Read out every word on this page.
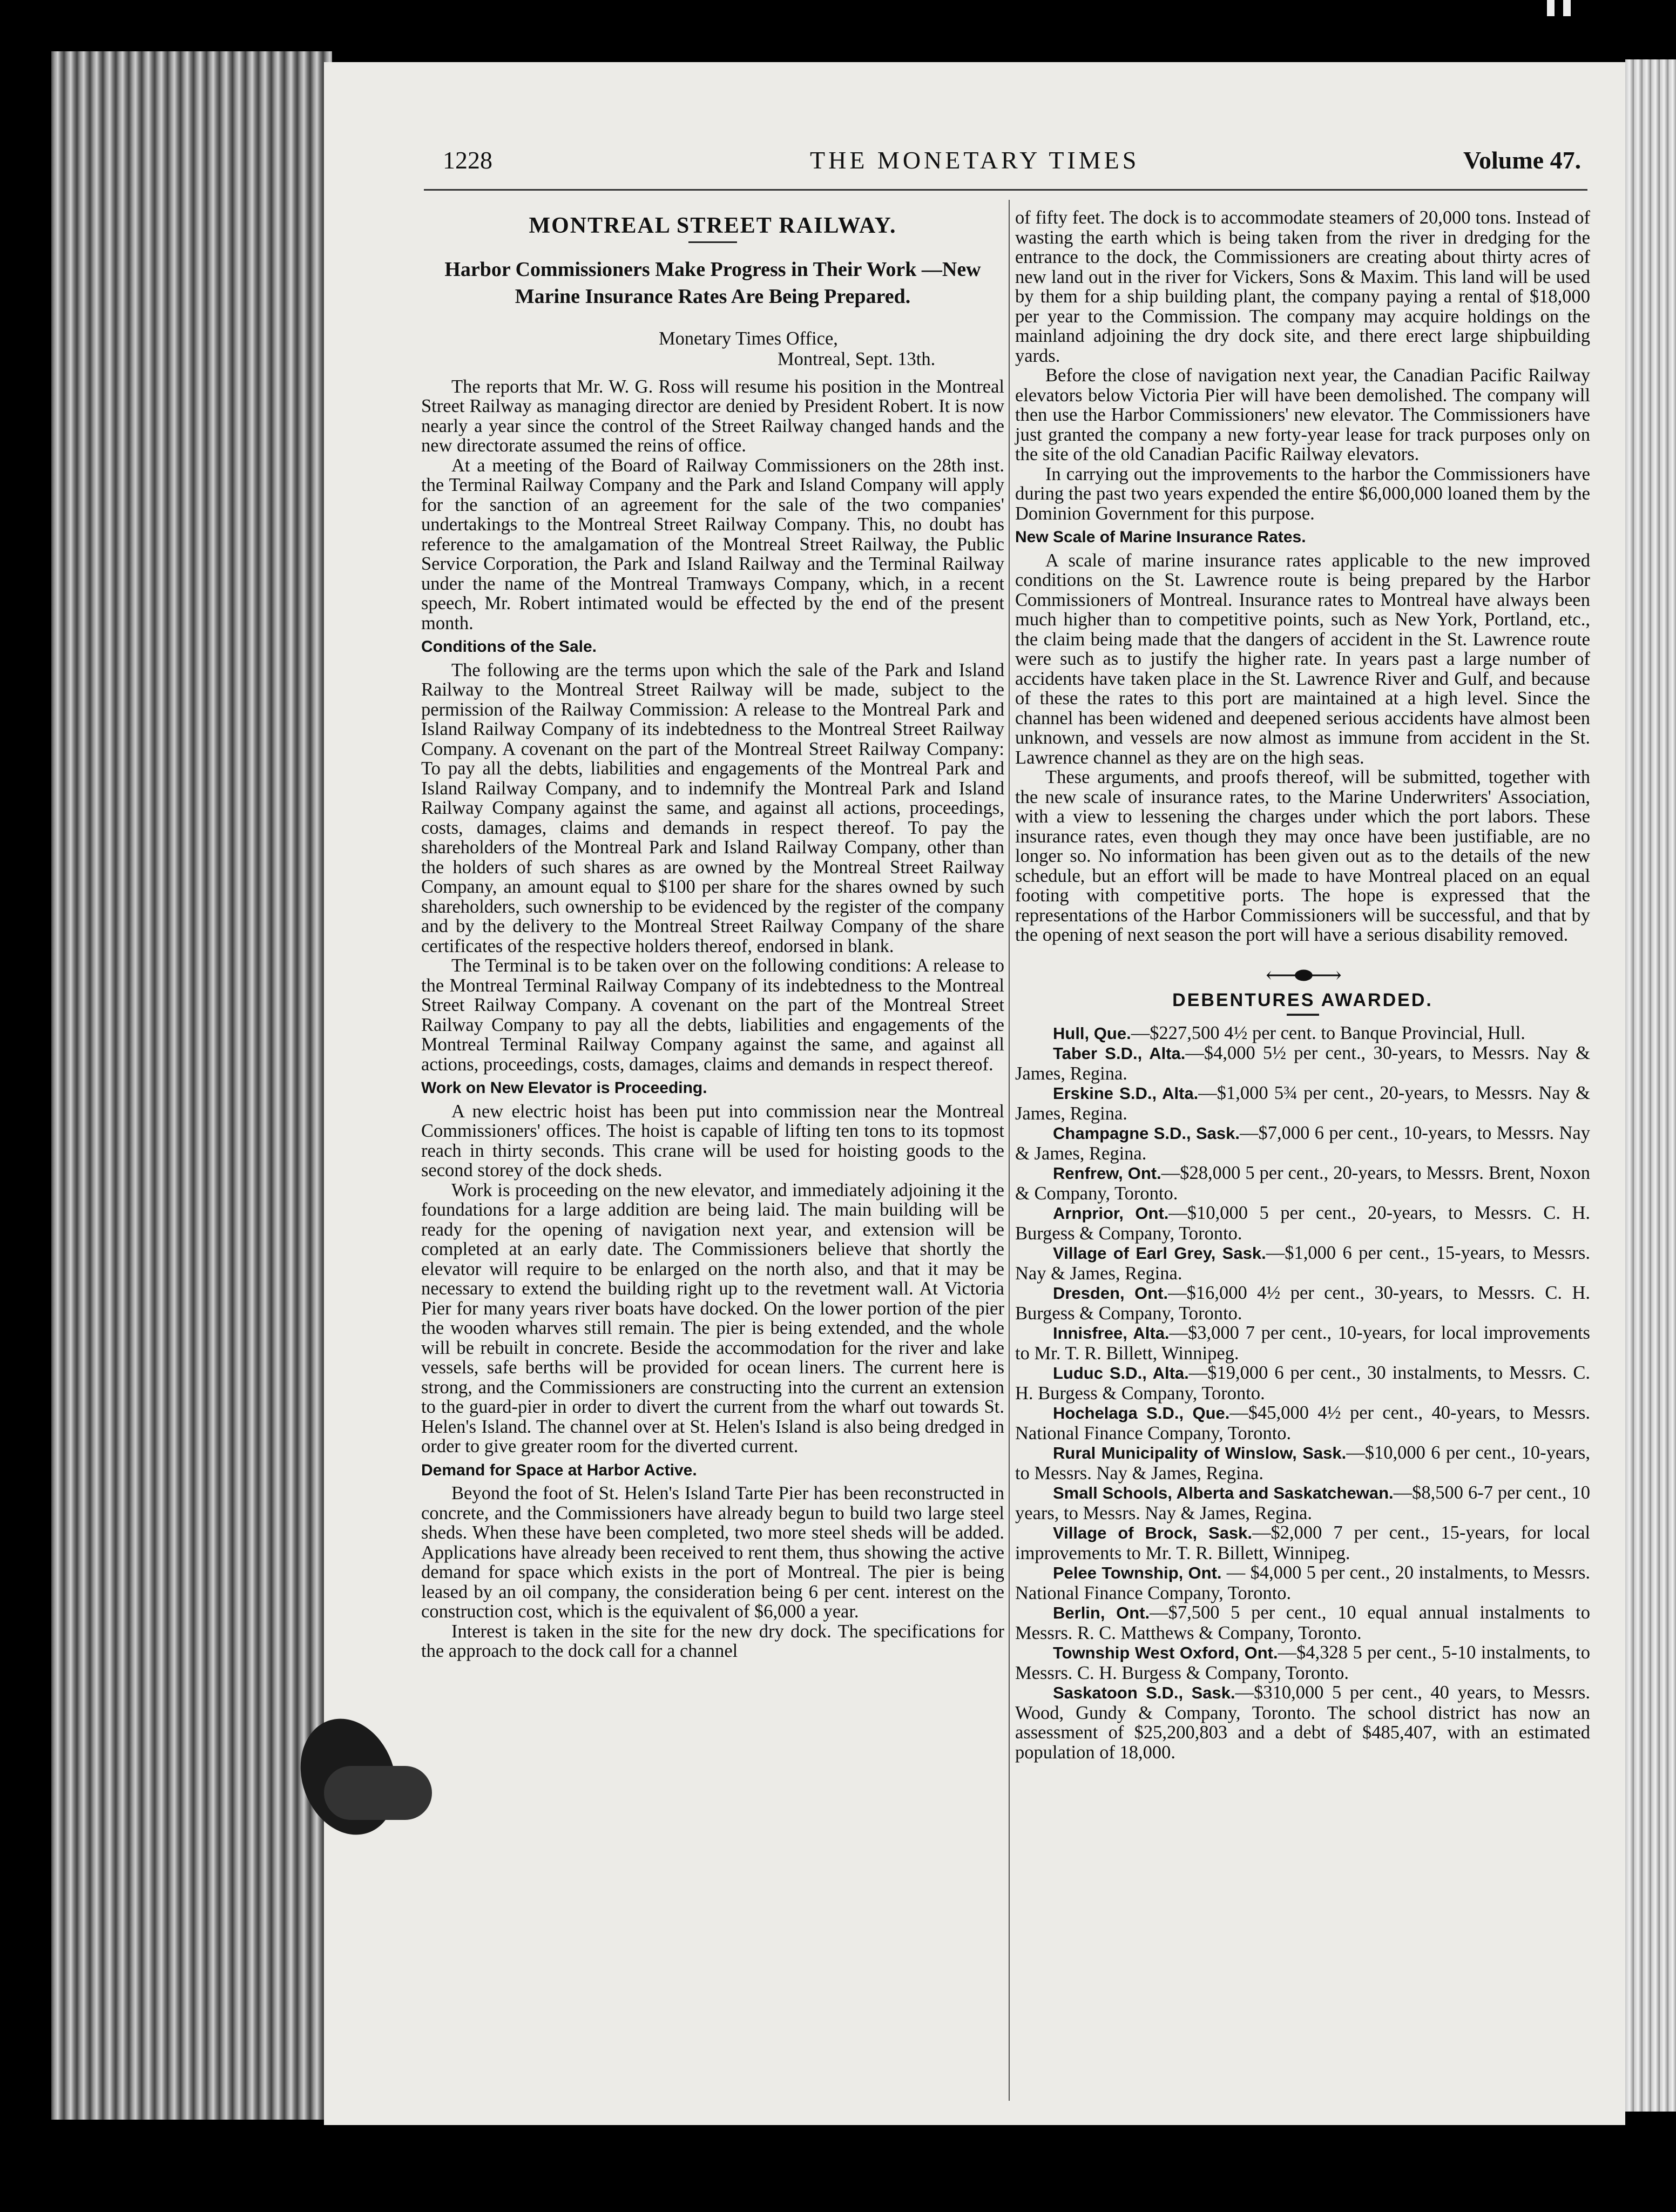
1228	THE MONETARY TIMES	Volume 47.
MONTREAL STREET RAILWAY.
Harbor Commissioners Make Progress in Their Work —New Marine Insurance Rates Are Being Prepared.
Monetary Times Office,
Montreal, Sept. 13th.

The reports that Mr. W. G. Ross will resume his position in the Montreal Street Railway as managing director are denied by President Robert. It is now nearly a year since the control of the Street Railway changed hands and the new directorate assumed the reins of office.

At a meeting of the Board of Railway Commissioners on the 28th inst. the Terminal Railway Company and the Park and Island Company will apply for the sanction of an agreement for the sale of the two companies' undertakings to the Montreal Street Railway Company. This, no doubt has reference to the amalgamation of the Montreal Street Railway, the Public Service Corporation, the Park and Island Railway and the Terminal Railway under the name of the Montreal Tramways Company, which, in a recent speech, Mr. Robert intimated would be effected by the end of the present month.

Conditions of the Sale.

The following are the terms upon which the sale of the Park and Island Railway to the Montreal Street Railway will be made, subject to the permission of the Railway Commission: A release to the Montreal Park and Island Railway Company of its indebtedness to the Montreal Street Railway Company. A covenant on the part of the Montreal Street Railway Company: To pay all the debts, liabilities and engagements of the Montreal Park and Island Railway Company, and to indemnify the Montreal Park and Island Railway Company against the same, and against all actions, proceedings, costs, damages, claims and demands in respect thereof. To pay the shareholders of the Montreal Park and Island Railway Company, other than the holders of such shares as are owned by the Montreal Street Railway Company, an amount equal to $100 per share for the shares owned by such shareholders, such ownership to be evidenced by the register of the company and by the delivery to the Montreal Street Railway Company of the share certificates of the respective holders thereof, endorsed in blank.

The Terminal is to be taken over on the following conditions: A release to the Montreal Terminal Railway Company of its indebtedness to the Montreal Street Railway Company. A covenant on the part of the Montreal Street Railway Company to pay all the debts, liabilities and engagements of the Montreal Terminal Railway Company against the same, and against all actions, proceedings, costs, damages, claims and demands in respect thereof.

Work on New Elevator is Proceeding.

A new electric hoist has been put into commission near the Montreal Commissioners' offices. The hoist is capable of lifting ten tons to its topmost reach in thirty seconds. This crane will be used for hoisting goods to the second storey of the dock sheds.

Work is proceeding on the new elevator, and immediately adjoining it the foundations for a large addition are being laid. The main building will be ready for the opening of navigation next year, and extension will be completed at an early date. The Commissioners believe that shortly the elevator will require to be enlarged on the north also, and that it may be necessary to extend the building right up to the revetment wall. At Victoria Pier for many years river boats have docked. On the lower portion of the pier the wooden wharves still remain. The pier is being extended, and the whole will be rebuilt in concrete. Beside the accommodation for the river and lake vessels, safe berths will be provided for ocean liners. The current here is strong, and the Commissioners are constructing into the current an extension to the guard-pier in order to divert the current from the wharf out towards St. Helen's Island. The channel over at St. Helen's Island is also being dredged in order to give greater room for the diverted current.

Demand for Space at Harbor Active.

Beyond the foot of St. Helen's Island Tarte Pier has been reconstructed in concrete, and the Commissioners have already begun to build two large steel sheds. When these have been completed, two more steel sheds will be added. Applications have already been received to rent them, thus showing the active demand for space which exists in the port of Montreal. The pier is being leased by an oil company, the consideration being 6 per cent. interest on the construction cost, which is the equivalent of $6,000 a year.

Interest is taken in the site for the new dry dock. The specifications for the approach to the dock call for a channel

of fifty feet. The dock is to accommodate steamers of 20,000 tons. Instead of wasting the earth which is being taken from the river in dredging for the entrance to the dock, the Commissioners are creating about thirty acres of new land out in the river for Vickers, Sons & Maxim. This land will be used by them for a ship building plant, the company paying a rental of $18,000 per year to the Commission. The company may acquire holdings on the mainland adjoining the dry dock site, and there erect large shipbuilding yards.

Before the close of navigation next year, the Canadian Pacific Railway elevators below Victoria Pier will have been demolished. The company will then use the Harbor Commissioners' new elevator. The Commissioners have just granted the company a new forty-year lease for track purposes only on the site of the old Canadian Pacific Railway elevators.

In carrying out the improvements to the harbor the Commissioners have during the past two years expended the entire $6,000,000 loaned them by the Dominion Government for this purpose.

New Scale of Marine Insurance Rates.

A scale of marine insurance rates applicable to the new improved conditions on the St. Lawrence route is being prepared by the Harbor Commissioners of Montreal. Insurance rates to Montreal have always been much higher than to competitive points, such as New York, Portland, etc., the claim being made that the dangers of accident in the St. Lawrence route were such as to justify the higher rate. In years past a large number of accidents have taken place in the St. Lawrence River and Gulf, and because of these the rates to this port are maintained at a high level. Since the channel has been widened and deepened serious accidents have almost been unknown, and vessels are now almost as immune from accident in the St. Lawrence channel as they are on the high seas.

These arguments, and proofs thereof, will be submitted, together with the new scale of insurance rates, to the Marine Underwriters' Association, with a view to lessening the charges under which the port labors. These insurance rates, even though they may once have been justifiable, are no longer so. No information has been given out as to the details of the new schedule, but an effort will be made to have Montreal placed on an equal footing with competitive ports. The hope is expressed that the representations of the Harbor Commissioners will be successful, and that by the opening of next season the port will have a serious disability removed.

⟵⬬⟶
DEBENTURES AWARDED.

Hull, Que.—$227,500 4½ per cent. to Banque Provincial, Hull.

Taber S.D., Alta.—$4,000 5½ per cent., 30-years, to Messrs. Nay & James, Regina.

Erskine S.D., Alta.—$1,000 5¾ per cent., 20-years, to Messrs. Nay & James, Regina.

Champagne S.D., Sask.—$7,000 6 per cent., 10-years, to Messrs. Nay & James, Regina.

Renfrew, Ont.—$28,000 5 per cent., 20-years, to Messrs. Brent, Noxon & Company, Toronto.

Arnprior, Ont.—$10,000 5 per cent., 20-years, to Messrs. C. H. Burgess & Company, Toronto.

Village of Earl Grey, Sask.—$1,000 6 per cent., 15-years, to Messrs. Nay & James, Regina.

Dresden, Ont.—$16,000 4½ per cent., 30-years, to Messrs. C. H. Burgess & Company, Toronto.

Innisfree, Alta.—$3,000 7 per cent., 10-years, for local improvements to Mr. T. R. Billett, Winnipeg.

Luduc S.D., Alta.—$19,000 6 per cent., 30 instalments, to Messrs. C. H. Burgess & Company, Toronto.

Hochelaga S.D., Que.—$45,000 4½ per cent., 40-years, to Messrs. National Finance Company, Toronto.

Rural Municipality of Winslow, Sask.—$10,000 6 per cent., 10-years, to Messrs. Nay & James, Regina.

Small Schools, Alberta and Saskatchewan.—$8,500 6-7 per cent., 10 years, to Messrs. Nay & James, Regina.

Village of Brock, Sask.—$2,000 7 per cent., 15-years, for local improvements to Mr. T. R. Billett, Winnipeg.

Pelee Township, Ont. — $4,000 5 per cent., 20 instalments, to Messrs. National Finance Company, Toronto.

Berlin, Ont.—$7,500 5 per cent., 10 equal annual instalments to Messrs. R. C. Matthews & Company, Toronto.

Township West Oxford, Ont.—$4,328 5 per cent., 5-10 instalments, to Messrs. C. H. Burgess & Company, Toronto.

Saskatoon S.D., Sask.—$310,000 5 per cent., 40 years, to Messrs. Wood, Gundy & Company, Toronto. The school district has now an assessment of $25,200,803 and a debt of $485,407, with an estimated population of 18,000.
